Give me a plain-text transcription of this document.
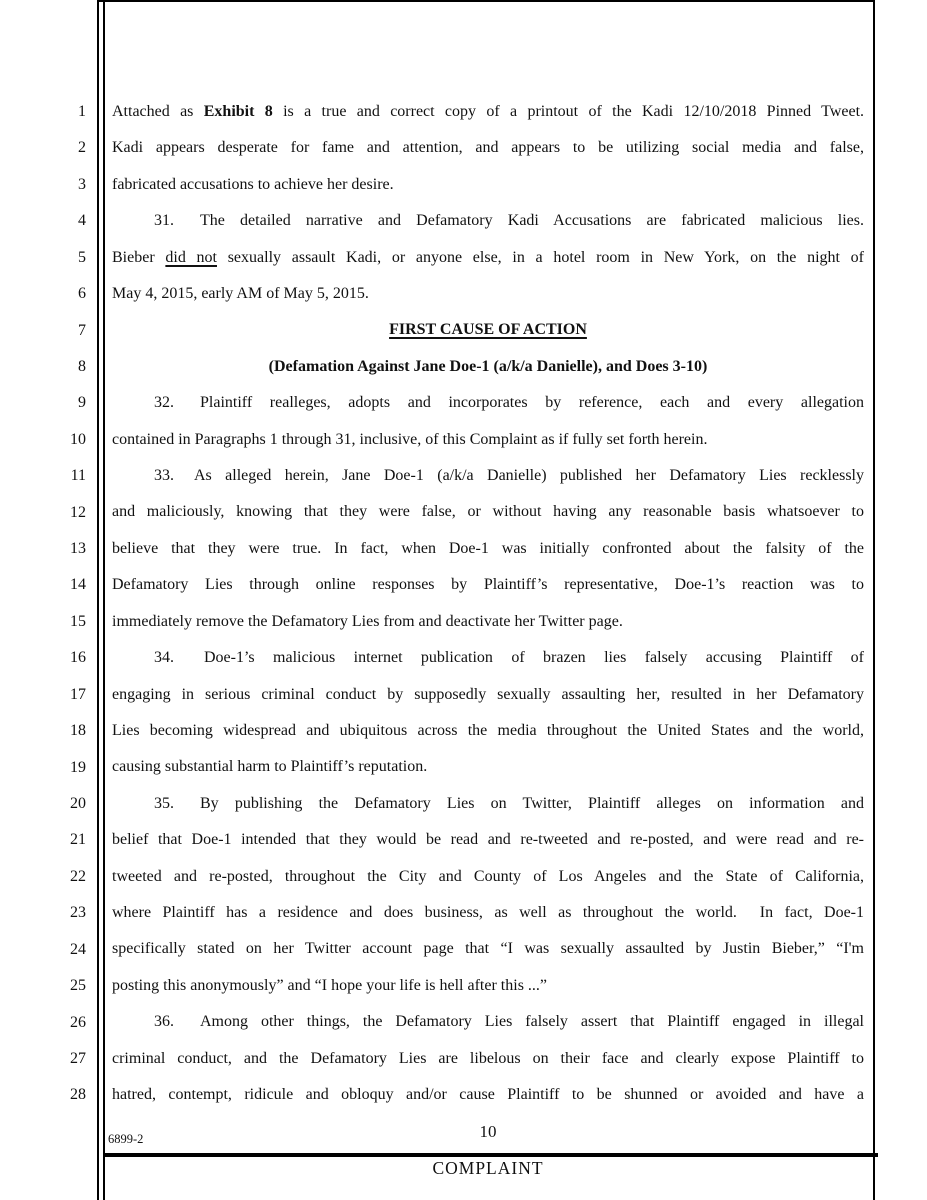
1
2
3
4
5
6
7
8
9
10
11
12
13
14
15
16
17
18
19
20
21
22
23
24
25
26
27
28
Attached as Exhibit 8 is a true and correct copy of a printout of the Kadi 12/10/2018 Pinned Tweet.
Kadi appears desperate for fame and attention, and appears to be utilizing social media and false,
fabricated accusations to achieve her desire.
31. The detailed narrative and Defamatory Kadi Accusations are fabricated malicious lies.
Bieber did not sexually assault Kadi, or anyone else, in a hotel room in New York, on the night of
May 4, 2015, early AM of May 5, 2015.
FIRST CAUSE OF ACTION
(Defamation Against Jane Doe-1 (a/k/a Danielle), and Does 3-10)
32. Plaintiff realleges, adopts and incorporates by reference, each and every allegation
contained in Paragraphs 1 through 31, inclusive, of this Complaint as if fully set forth herein.
33. As alleged herein, Jane Doe-1 (a/k/a Danielle) published her Defamatory Lies recklessly
and maliciously, knowing that they were false, or without having any reasonable basis whatsoever to
believe that they were true. In fact, when Doe-1 was initially confronted about the falsity of the
Defamatory Lies through online responses by Plaintiff’s representative, Doe-1’s reaction was to
immediately remove the Defamatory Lies from and deactivate her Twitter page.
34. Doe-1’s malicious internet publication of brazen lies falsely accusing Plaintiff of
engaging in serious criminal conduct by supposedly sexually assaulting her, resulted in her Defamatory
Lies becoming widespread and ubiquitous across the media throughout the United States and the world,
causing substantial harm to Plaintiff’s reputation.
35. By publishing the Defamatory Lies on Twitter, Plaintiff alleges on information and
belief that Doe-1 intended that they would be read and re-tweeted and re-posted, and were read and re-
tweeted and re-posted, throughout the City and County of Los Angeles and the State of California,
where Plaintiff has a residence and does business, as well as throughout the world.  In fact, Doe-1
specifically stated on her Twitter account page that “I was sexually assaulted by Justin Bieber,” “I'm
posting this anonymously” and “I hope your life is hell after this ...”
36. Among other things, the Defamatory Lies falsely assert that Plaintiff engaged in illegal
criminal conduct, and the Defamatory Lies are libelous on their face and clearly expose Plaintiff to
hatred, contempt, ridicule and obloquy and/or cause Plaintiff to be shunned or avoided and have a
6899-2	10
COMPLAINT
